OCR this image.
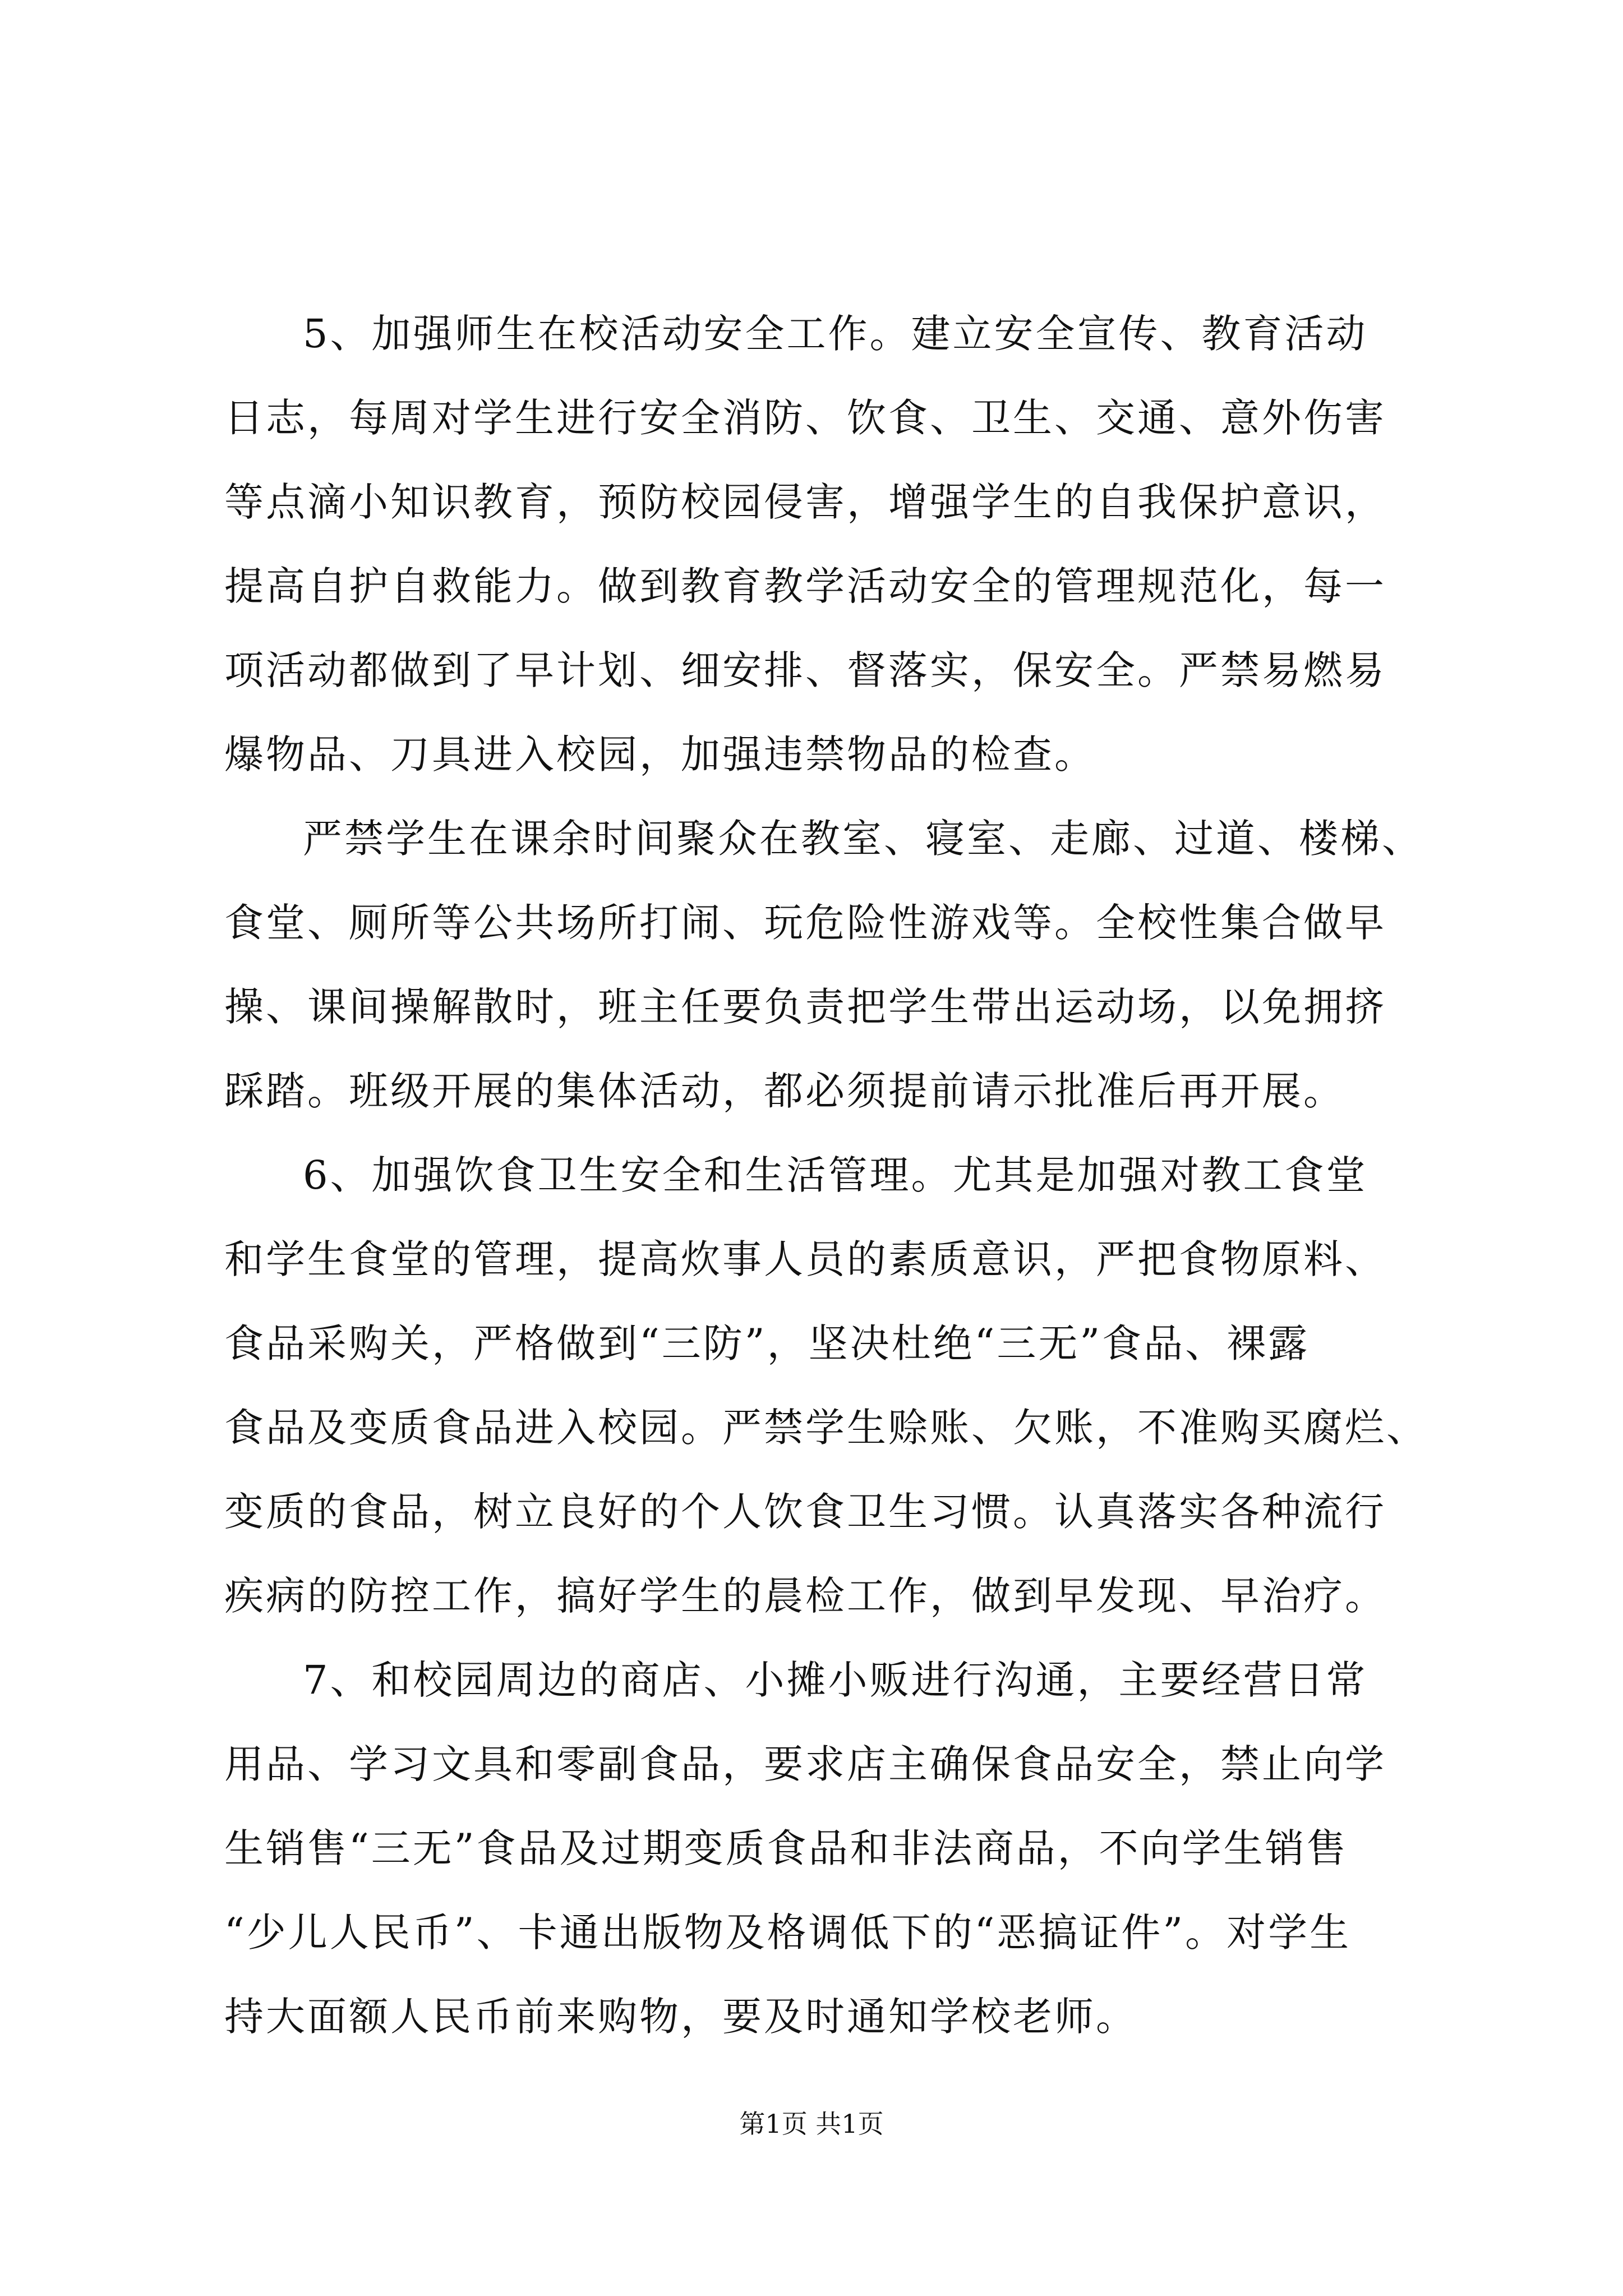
5、加强师生在校活动安全工作。建立安全宣传、教育活动
日志，每周对学生进行安全消防、饮食、卫生、交通、意外伤害
等点滴小知识教育，预防校园侵害，增强学生的自我保护意识，
提高自护自救能力。做到教育教学活动安全的管理规范化，每一
项活动都做到了早计划、细安排、督落实，保安全。严禁易燃易
爆物品、刀具进入校园，加强违禁物品的检查。
严禁学生在课余时间聚众在教室、寝室、走廊、过道、楼梯、
食堂、厕所等公共场所打闹、玩危险性游戏等。全校性集合做早
操、课间操解散时，班主任要负责把学生带出运动场，以免拥挤
踩踏。班级开展的集体活动，都必须提前请示批准后再开展。
6、加强饮食卫生安全和生活管理。尤其是加强对教工食堂
和学生食堂的管理，提高炊事人员的素质意识，严把食物原料、
食品采购关，严格做到“三防”，坚决杜绝“三无”食品、裸露
食品及变质食品进入校园。严禁学生赊账、欠账，不准购买腐烂、
变质的食品，树立良好的个人饮食卫生习惯。认真落实各种流行
疾病的防控工作，搞好学生的晨检工作，做到早发现、早治疗。
7、和校园周边的商店、小摊小贩进行沟通，主要经营日常
用品、学习文具和零副食品，要求店主确保食品安全，禁止向学
生销售“三无”食品及过期变质食品和非法商品，不向学生销售
“少儿人民币”、卡通出版物及格调低下的“恶搞证件”。对学生
持大面额人民币前来购物，要及时通知学校老师。
第1页 共1页
